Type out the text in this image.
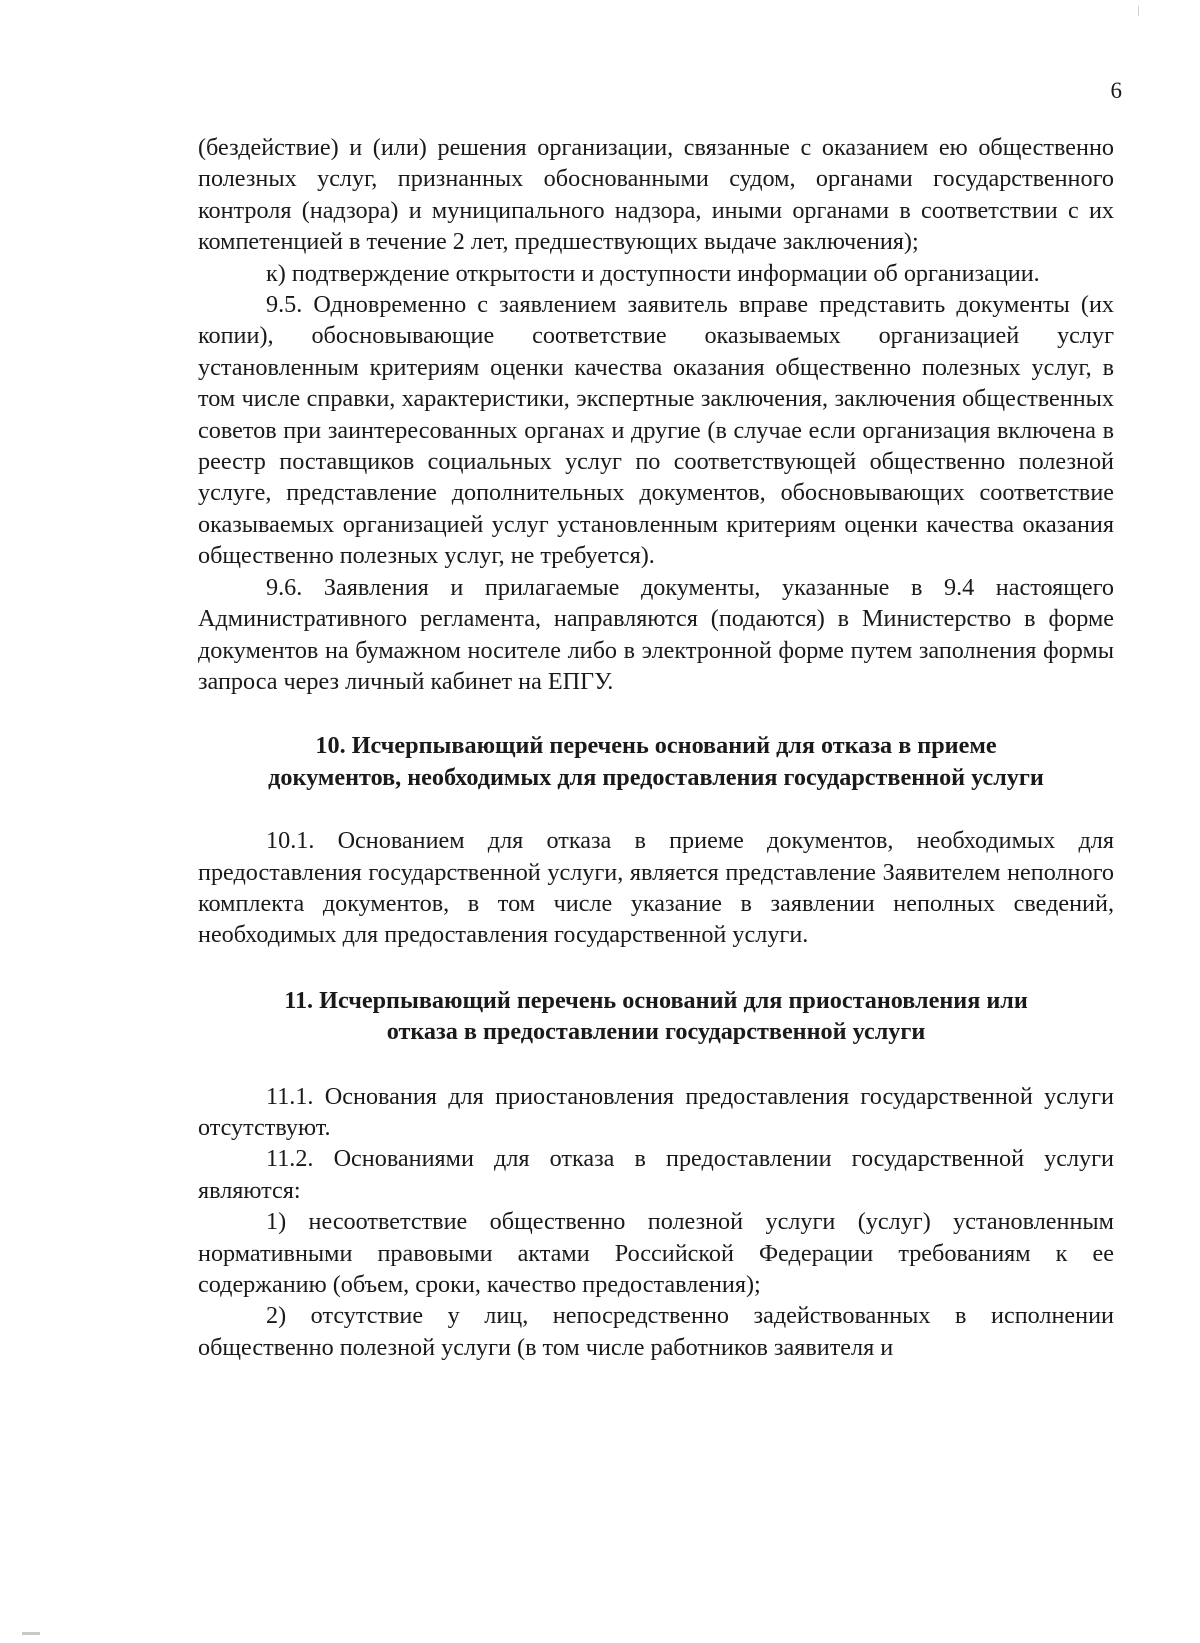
6

(бездействие) и (или) решения организации, связанные с оказанием ею общественно полезных услуг, признанных обоснованными судом, органами государственного контроля (надзора) и муниципального надзора, иными органами в соответствии с их компетенцией в течение 2 лет, предшествующих выдаче заключения);

к) подтверждение открытости и доступности информации об организации.

9.5. Одновременно с заявлением заявитель вправе представить документы (их копии), обосновывающие соответствие оказываемых организацией услуг установленным критериям оценки качества оказания общественно полезных услуг, в том числе справки, характеристики, экспертные заключения, заключения общественных советов при заинтересованных органах и другие (в случае если организация включена в реестр поставщиков социальных услуг по соответствующей общественно полезной услуге, представление дополнительных документов, обосновывающих соответствие оказываемых организацией услуг установленным критериям оценки качества оказания общественно полезных услуг, не требуется).

9.6. Заявления и прилагаемые документы, указанные в 9.4 настоящего Административного регламента, направляются (подаются) в Министерство в форме документов на бумажном носителе либо в электронной форме путем заполнения формы запроса через личный кабинет на ЕПГУ.

10. Исчерпывающий перечень оснований для отказа в приеме документов, необходимых для предоставления государственной услуги

10.1. Основанием для отказа в приеме документов, необходимых для предоставления государственной услуги, является представление Заявителем неполного комплекта документов, в том числе указание в заявлении неполных сведений, необходимых для предоставления государственной услуги.

11. Исчерпывающий перечень оснований для приостановления или отказа в предоставлении государственной услуги

11.1. Основания для приостановления предоставления государственной услуги отсутствуют.

11.2. Основаниями для отказа в предоставлении государственной услуги являются:

1) несоответствие общественно полезной услуги (услуг) установленным нормативными правовыми актами Российской Федерации требованиям к ее содержанию (объем, сроки, качество предоставления);

2) отсутствие у лиц, непосредственно задействованных в исполнении общественно полезной услуги (в том числе работников заявителя и
